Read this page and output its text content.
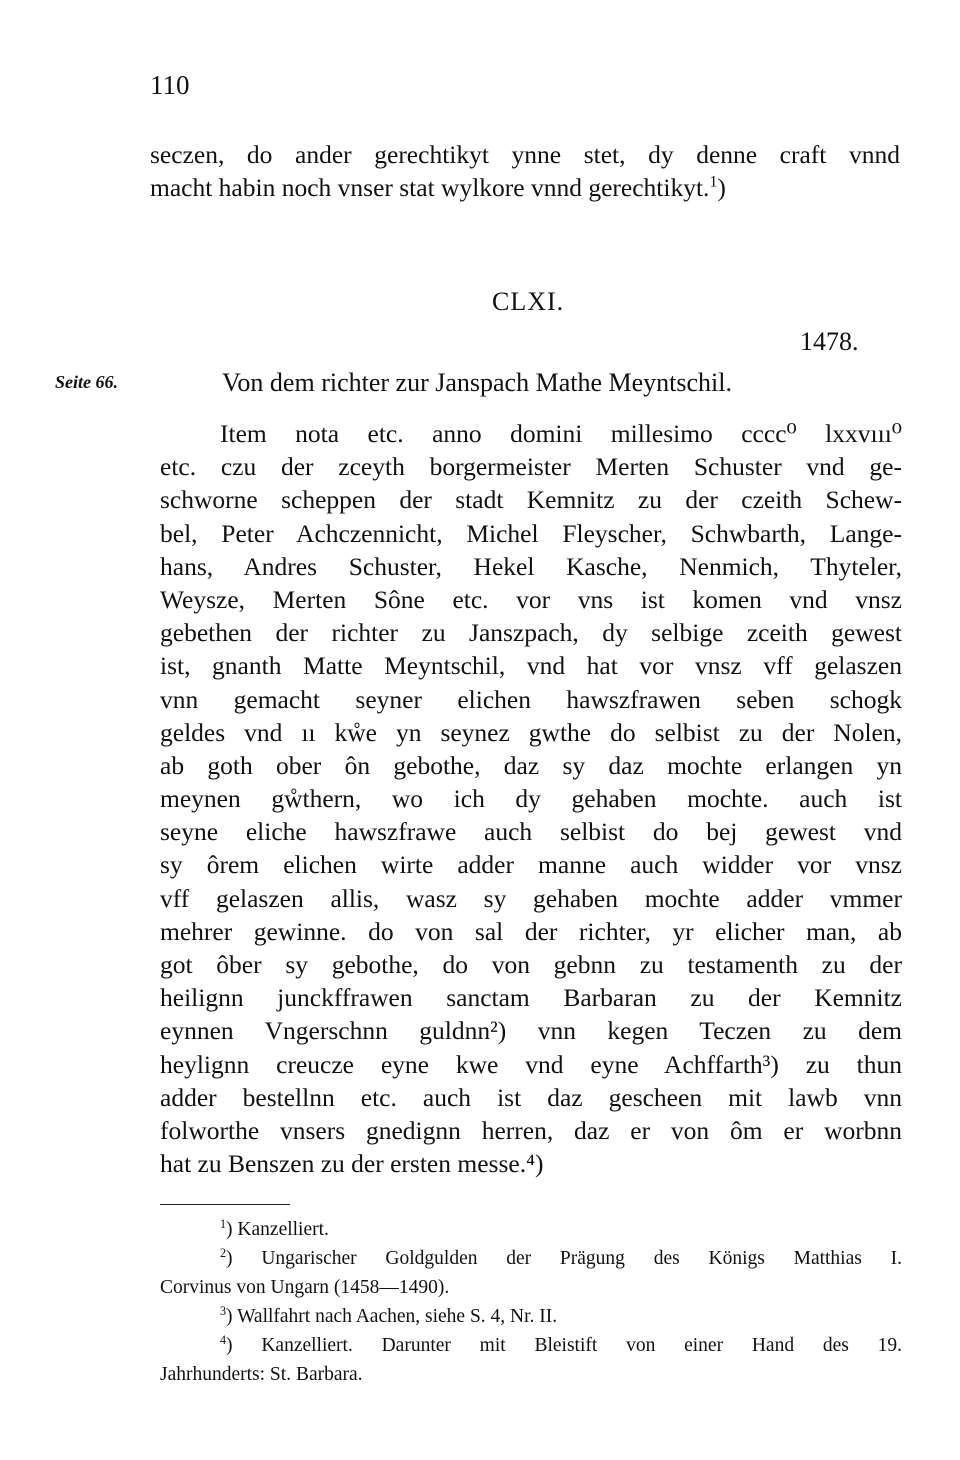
110
seczen, do ander gerechtikyt ynne stet, dy denne craft vnnd
macht habin noch vnser stat wylkore vnnd gerechtikyt.$^1$)
CLXI.
1478.
Seite 66.	Von dem richter zur Janspach Mathe Meyntschil.
Item nota etc. anno domini millesimo cccc⁰ lxxvııı⁰
etc. czu der zceyth borgermeister Merten Schuster vnd ge-
schworne scheppen der stadt Kemnitz zu der czeith Schew-
bel, Peter Achczennicht, Michel Fleyscher, Schwbarth, Lange-
hans, Andres Schuster, Hekel Kasche, Nenmich, Thyteler,
Weysze, Merten Sône etc. vor vns ist komen vnd vnsz
gebethen der richter zu Janszpach, dy selbige zceith gewest
ist, gnanth Matte Meyntschil, vnd hat vor vnsz vff gelaszen
vnn gemacht seyner elichen hawszfrawen seben schogk
geldes vnd ıı kẘe yn seynez gwthe do selbist zu der Nolen,
ab goth ober ôn gebothe, daz sy daz mochte erlangen yn
meynen gẘthern, wo ich dy gehaben mochte. auch ist
seyne eliche hawszfrawe auch selbist do bej gewest vnd
sy ôrem elichen wirte adder manne auch widder vor vnsz
vff gelaszen allis, wasz sy gehaben mochte adder vmmer
mehrer gewinne. do von sal der richter, yr elicher man, ab
got ôber sy gebothe, do von gebnn zu testamenth zu der
heilignn junckffrawen sanctam Barbaran zu der Kemnitz
eynnen Vngerschnn guldnn²) vnn kegen Teczen zu dem
heylignn creucze eyne kwe vnd eyne Achffarth³) zu thun
adder bestellnn etc. auch ist daz gescheen mit lawb vnn
folworthe vnsers gnedignn herren, daz er von ôm er worbnn
hat zu Benszen zu der ersten messe.⁴)
$^1$) Kanzelliert.
$^2$) Ungarischer Goldgulden der Prägung des Königs Matthias I.
Corvinus von Ungarn (1458—1490).
$^3$) Wallfahrt nach Aachen, siehe S. 4, Nr. II.
$^4$) Kanzelliert. Darunter mit Bleistift von einer Hand des 19.
Jahrhunderts: St. Barbara.
